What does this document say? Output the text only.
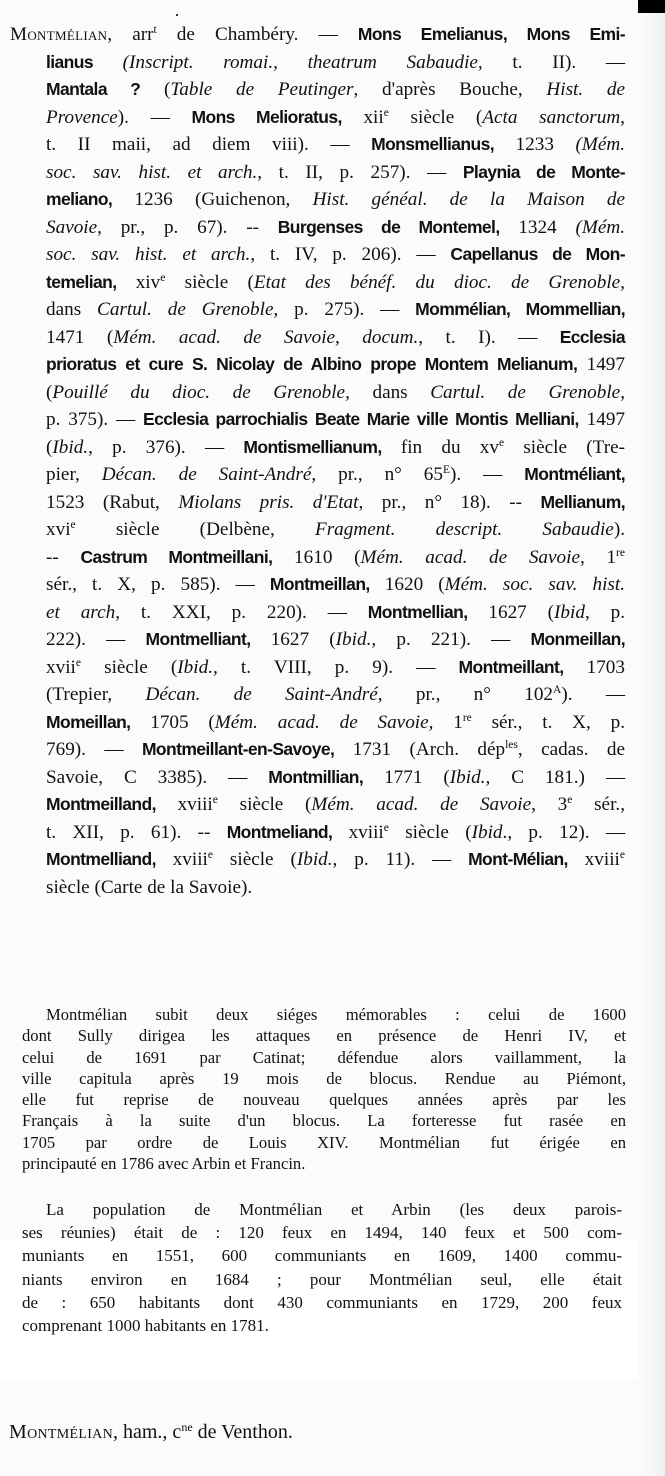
Montmélian, arr$^t$ de Chambéry. — Mons Emelianus, Mons Emi-
lianus (Inscript. romai., theatrum Sabaudie, t. II). —
Mantala ? (Table de Peutinger, d'après Bouche, Hist. de
Provence). — Mons Melioratus, xii$^e$ siècle (Acta sanctorum,
t. II maii, ad diem viii). — Monsmellianus, 1233 (Mém.
soc. sav. hist. et arch., t. II, p. 257). — Playnia de Monte-
meliano, 1236 (Guichenon, Hist. généal. de la Maison de
Savoie, pr., p. 67). -- Burgenses de Montemel, 1324 (Mém.
soc. sav. hist. et arch., t. IV, p. 206). — Capellanus de Mon-
temelian, xiv$^e$ siècle (Etat des bénéf. du dioc. de Grenoble,
dans Cartul. de Grenoble, p. 275). — Mommélian, Mommellian,
1471 (Mém. acad. de Savoie, docum., t. I). — Ecclesia
prioratus et cure S. Nicolay de Albino prope Montem Melianum, 1497
(Pouillé du dioc. de Grenoble, dans Cartul. de Grenoble,
p. 375). — Ecclesia parrochialis Beate Marie ville Montis Melliani, 1497
(Ibid., p. 376). — Montismellianum, fin du $xv^e$ siècle (Tre-
pier, Décan. de Saint-André, pr., n° $65^E$). — Montméliant,
1523 (Rabut, Miolans pris. d'Etat, pr., n° 18). -- Mellianum,
xvi$^e$ siècle (Delbène, Fragment. descript. Sabaudie).
-- Castrum Montmeillani, 1610 (Mém. acad. de Savoie, 1re
sér., t. X, p. 585). — Montmeillan, 1620 (Mém. soc. sav. hist.
et arch, t. XXI, p. 220). — Montmellian, 1627 (Ibid, p.
222). — Montmelliant, 1627 (Ibid., p. 221). — Monmeillan,
xvii$^e$ siècle (Ibid., t. VIII, p. 9). — Montmeillant, 1703
(Trepier, Décan. de Saint-André, pr., n° $102^A$). —
Momeillan, 1705 (Mém. acad. de Savoie, 1re sér., t. X, p.
769). — Montmeillant-en-Savoye, 1731 (Arch. dép$^{les}$, cadas. de
Savoie, C 3385). — Montmillian, 1771 (Ibid., C 181.) —
Montmeilland, xviii$^e$ siècle (Mém. acad. de Savoie, 3e sér.,
t. XII, p. 61). -- Montmeliand, xviii$^e$ siècle (Ibid., p. 12). —
Montmelliand, xviii$^e$ siècle (Ibid., p. 11). — Mont-Mélian, xviii$^e$
siècle (Carte de la Savoie).
Montmélian subit deux siéges mémorables : celui de 1600
dont Sully dirigea les attaques en présence de Henri IV, et
celui de 1691 par Catinat; défendue alors vaillamment, la
ville capitula après 19 mois de blocus. Rendue au Piémont,
elle fut reprise de nouveau quelques années après par les
Français à la suite d'un blocus. La forteresse fut rasée en
1705 par ordre de Louis XIV. Montmélian fut érigée en
principauté en 1786 avec Arbin et Francin.
La population de Montmélian et Arbin (les deux parois-
ses réunies) était de : 120 feux en 1494, 140 feux et 500 com-
muniants en 1551, 600 communiants en 1609, 1400 commu-
niants environ en 1684 ; pour Montmélian seul, elle était
de : 650 habitants dont 430 communiants en 1729, 200 feux
comprenant 1000 habitants en 1781.
Montmélian, ham., $c^{ne}$ de Venthon.
